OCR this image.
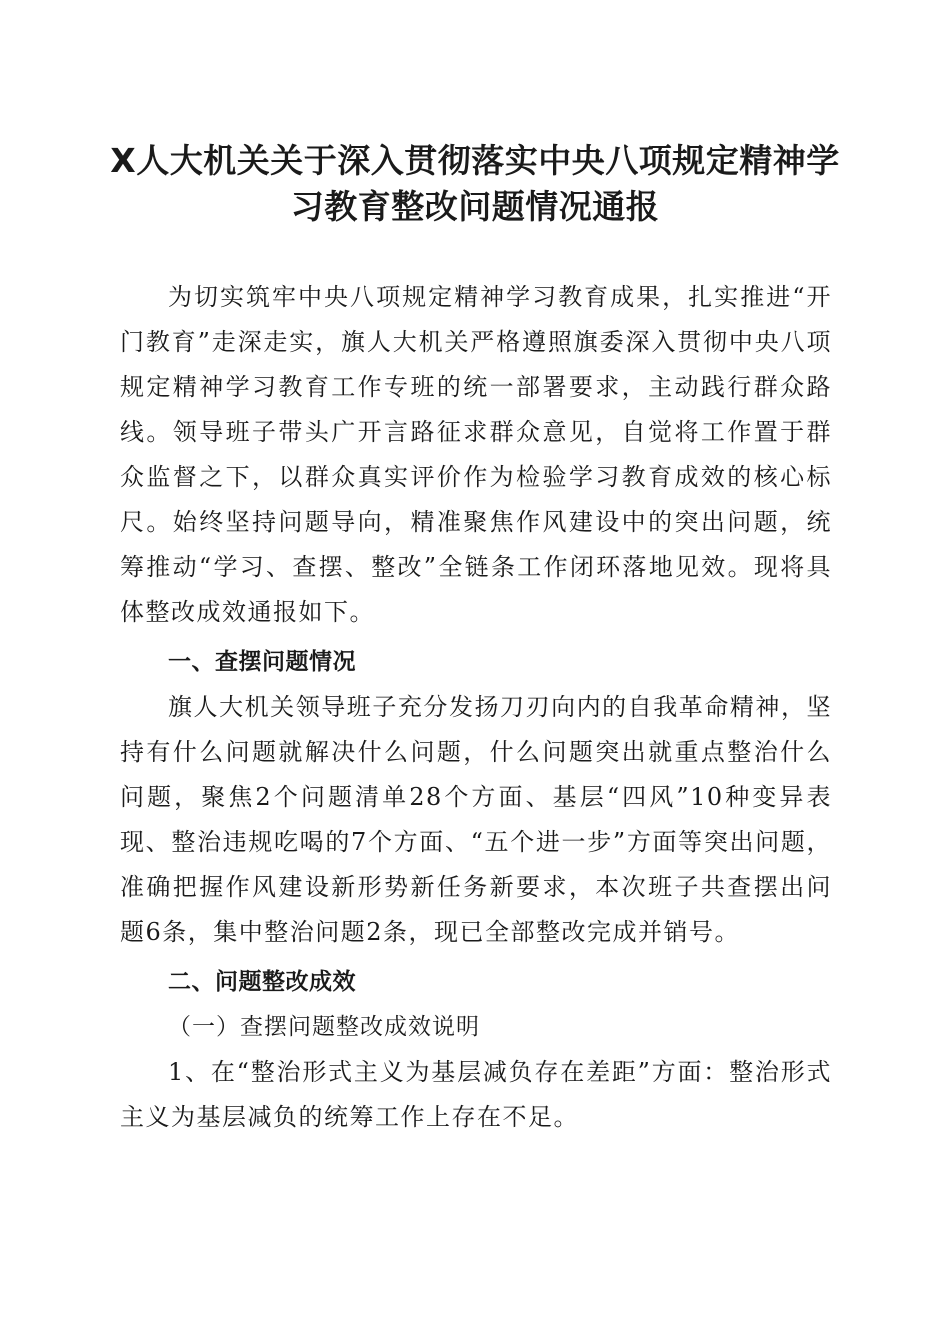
X人大机关关于深入贯彻落实中央八项规定精神学习教育整改问题情况通报

为切实筑牢中央八项规定精神学习教育成果，扎实推进“开门教育”走深走实，旗人大机关严格遵照旗委深入贯彻中央八项规定精神学习教育工作专班的统一部署要求，主动践行群众路线。领导班子带头广开言路征求群众意见，自觉将工作置于群众监督之下，以群众真实评价作为检验学习教育成效的核心标尺。始终坚持问题导向，精准聚焦作风建设中的突出问题，统筹推动“学习、查摆、整改”全链条工作闭环落地见效。现将具体整改成效通报如下。

一、查摆问题情况

旗人大机关领导班子充分发扬刀刃向内的自我革命精神，坚持有什么问题就解决什么问题，什么问题突出就重点整治什么问题，聚焦2个问题清单28个方面、基层“四风”10种变异表现、整治违规吃喝的7个方面、“五个进一步”方面等突出问题，准确把握作风建设新形势新任务新要求，本次班子共查摆出问题6条，集中整治问题2条，现已全部整改完成并销号。

二、问题整改成效

（一）查摆问题整改成效说明

1、在“整治形式主义为基层减负存在差距”方面：整治形式主义为基层减负的统筹工作上存在不足。
